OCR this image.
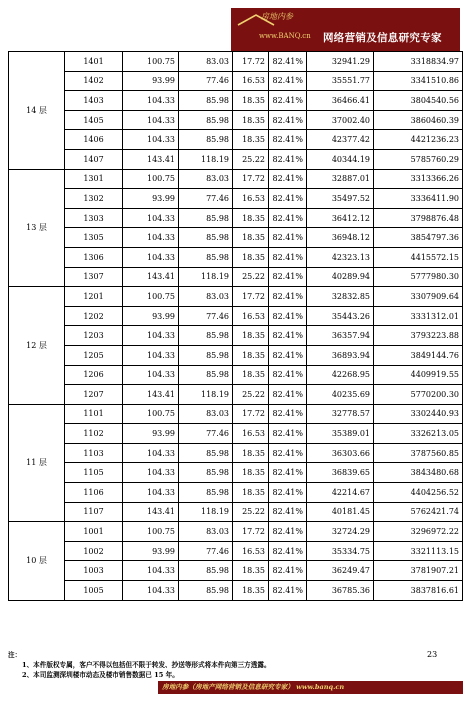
房地内参
www.BANQ.cn 网络营销及信息研究专家
14 层	1401	100.75	83.03	17.72	82.41%	32941.29	3318834.97
	1402	93.99	77.46	16.53	82.41%	35551.77	3341510.86
	1403	104.33	85.98	18.35	82.41%	36466.41	3804540.56
	1405	104.33	85.98	18.35	82.41%	37002.40	3860460.39
	1406	104.33	85.98	18.35	82.41%	42377.42	4421236.23
	1407	143.41	118.19	25.22	82.41%	40344.19	5785760.29
13 层	1301	100.75	83.03	17.72	82.41%	32887.01	3313366.26
	1302	93.99	77.46	16.53	82.41%	35497.52	3336411.90
	1303	104.33	85.98	18.35	82.41%	36412.12	3798876.48
	1305	104.33	85.98	18.35	82.41%	36948.12	3854797.36
	1306	104.33	85.98	18.35	82.41%	42323.13	4415572.15
	1307	143.41	118.19	25.22	82.41%	40289.94	5777980.30
12 层	1201	100.75	83.03	17.72	82.41%	32832.85	3307909.64
	1202	93.99	77.46	16.53	82.41%	35443.26	3331312.01
	1203	104.33	85.98	18.35	82.41%	36357.94	3793223.88
	1205	104.33	85.98	18.35	82.41%	36893.94	3849144.76
	1206	104.33	85.98	18.35	82.41%	42268.95	4409919.55
	1207	143.41	118.19	25.22	82.41%	40235.69	5770200.30
11 层	1101	100.75	83.03	17.72	82.41%	32778.57	3302440.93
	1102	93.99	77.46	16.53	82.41%	35389.01	3326213.05
	1103	104.33	85.98	18.35	82.41%	36303.66	3787560.85
	1105	104.33	85.98	18.35	82.41%	36839.65	3843480.68
	1106	104.33	85.98	18.35	82.41%	42214.67	4404256.52
	1107	143.41	118.19	25.22	82.41%	40181.45	5762421.74
10 层	1001	100.75	83.03	17.72	82.41%	32724.29	3296972.22
	1002	93.99	77.46	16.53	82.41%	35334.75	3321113.15
	1003	104.33	85.98	18.35	82.41%	36249.47	3781907.21
	1005	104.33	85.98	18.35	82.41%	36785.36	3837816.61
注：
1、本件版权专属，客户不得以包括但不限于转发、抄送等形式将本件向第三方透露。
2、本司监测深圳楼市动态及楼市销售数据已 15 年。
23
房地内参（房地产网络营销及信息研究专家） www.banq.cn
